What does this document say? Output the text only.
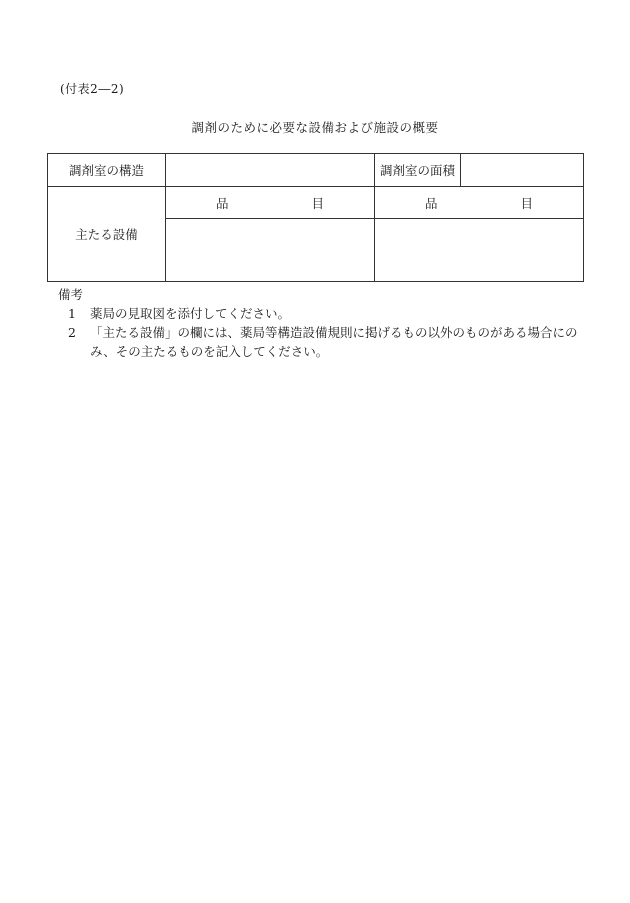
(付表2―2)
調剤のために必要な設備および施設の概要
調剤室の構造		調剤室の面積

主たる設備	品 目	品 目

備考
1	薬局の見取図を添付してください。
2	「主たる設備」の欄には、薬局等構造設備規則に掲げるもの以外のものがある場合にのみ、その主たるものを記入してください。
